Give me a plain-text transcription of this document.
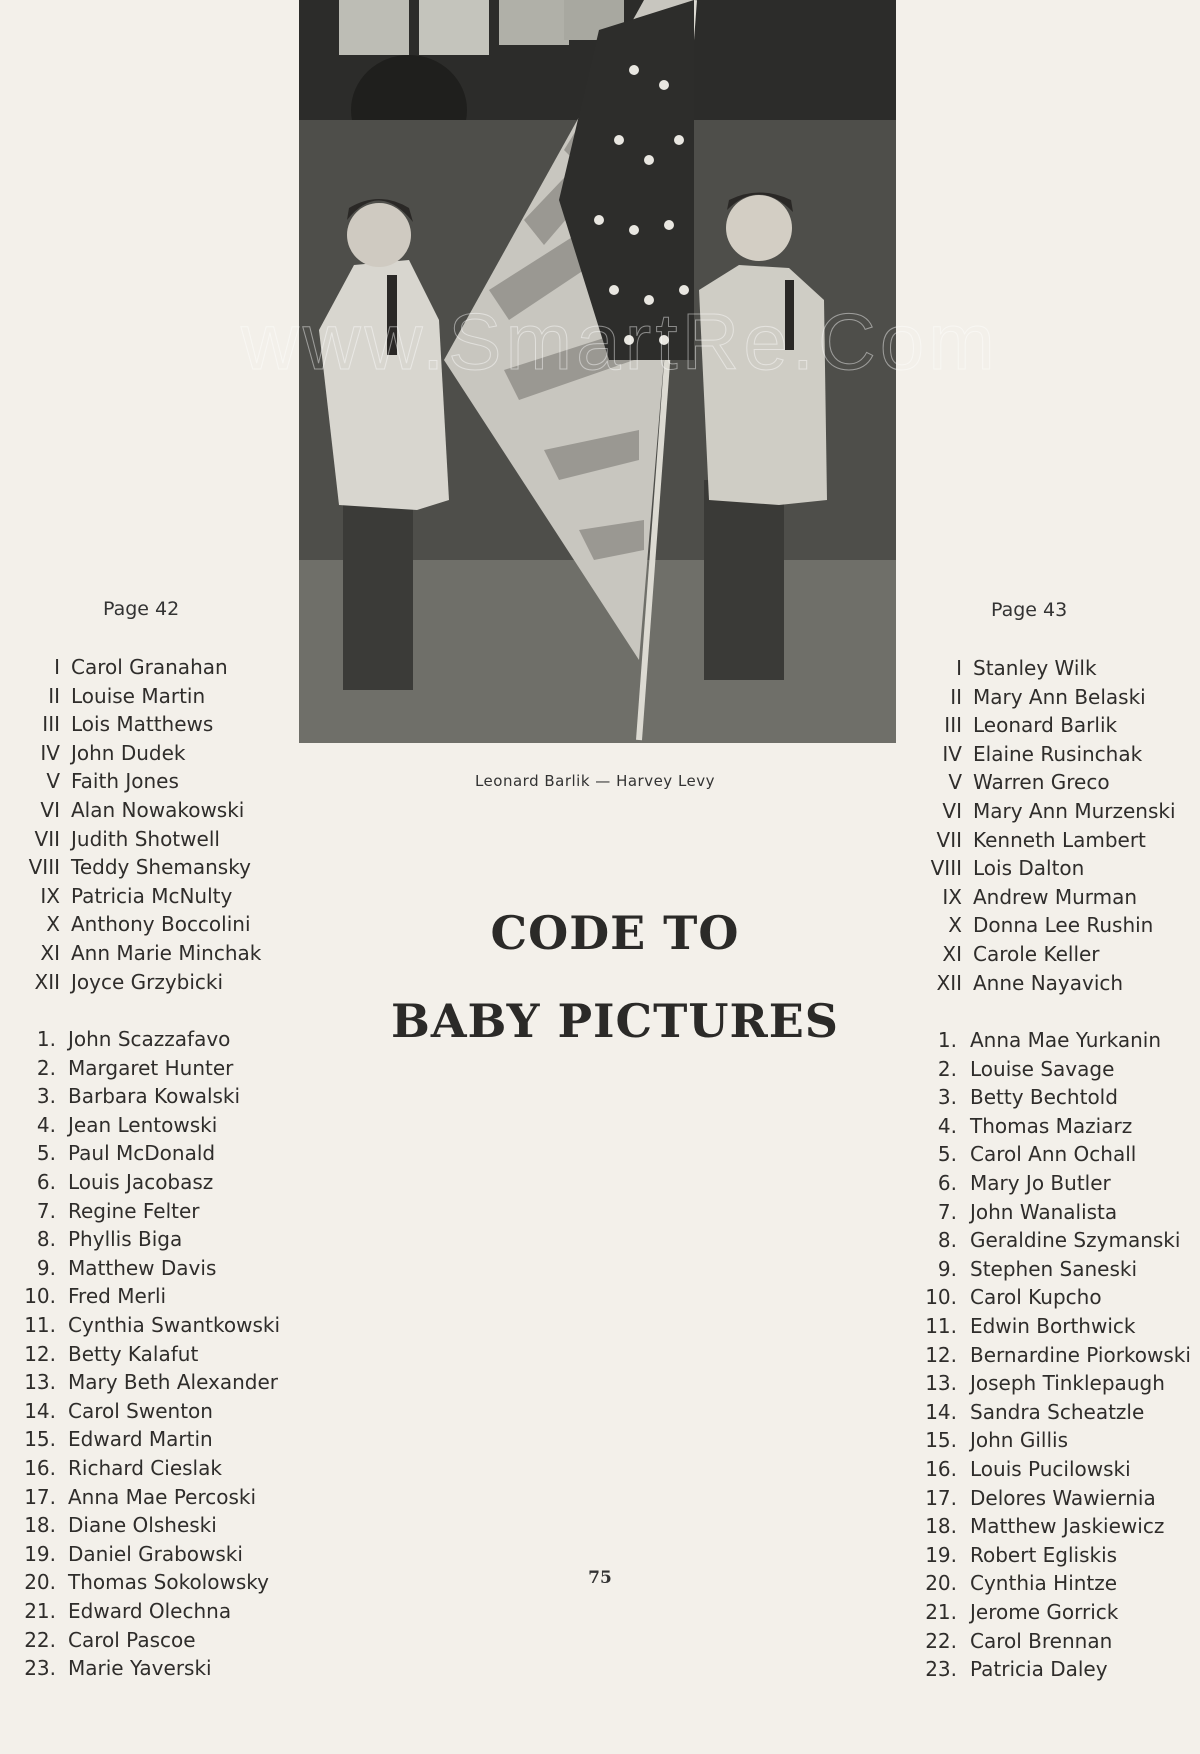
Leonard Barlik — Harvey Levy
CODE TO
BABY PICTURES
Page 42	Page 43
I Carol Granahan
II Louise Martin
III Lois Matthews
IV John Dudek
V Faith Jones
VI Alan Nowakowski
VII Judith Shotwell
VIII Teddy Shemansky
IX Patricia McNulty
X Anthony Boccolini
XI Ann Marie Minchak
XII Joyce Grzybicki
1. John Scazzafavo
2. Margaret Hunter
3. Barbara Kowalski
4. Jean Lentowski
5. Paul McDonald
6. Louis Jacobasz
7. Regine Felter
8. Phyllis Biga
9. Matthew Davis
10. Fred Merli
11. Cynthia Swantkowski
12. Betty Kalafut
13. Mary Beth Alexander
14. Carol Swenton
15. Edward Martin
16. Richard Cieslak
17. Anna Mae Percoski
18. Diane Olsheski
19. Daniel Grabowski
20. Thomas Sokolowsky
21. Edward Olechna
22. Carol Pascoe
23. Marie Yaverski
I Stanley Wilk
II Mary Ann Belaski
III Leonard Barlik
IV Elaine Rusinchak
V Warren Greco
VI Mary Ann Murzenski
VII Kenneth Lambert
VIII Lois Dalton
IX Andrew Murman
X Donna Lee Rushin
XI Carole Keller
XII Anne Nayavich
1. Anna Mae Yurkanin
2. Louise Savage
3. Betty Bechtold
4. Thomas Maziarz
5. Carol Ann Ochall
6. Mary Jo Butler
7. John Wanalista
8. Geraldine Szymanski
9. Stephen Saneski
10. Carol Kupcho
11. Edwin Borthwick
12. Bernardine Piorkowski
13. Joseph Tinklepaugh
14. Sandra Scheatzle
15. John Gillis
16. Louis Pucilowski
17. Delores Wawiernia
18. Matthew Jaskiewicz
19. Robert Egliskis
20. Cynthia Hintze
21. Jerome Gorrick
22. Carol Brennan
23. Patricia Daley
75
